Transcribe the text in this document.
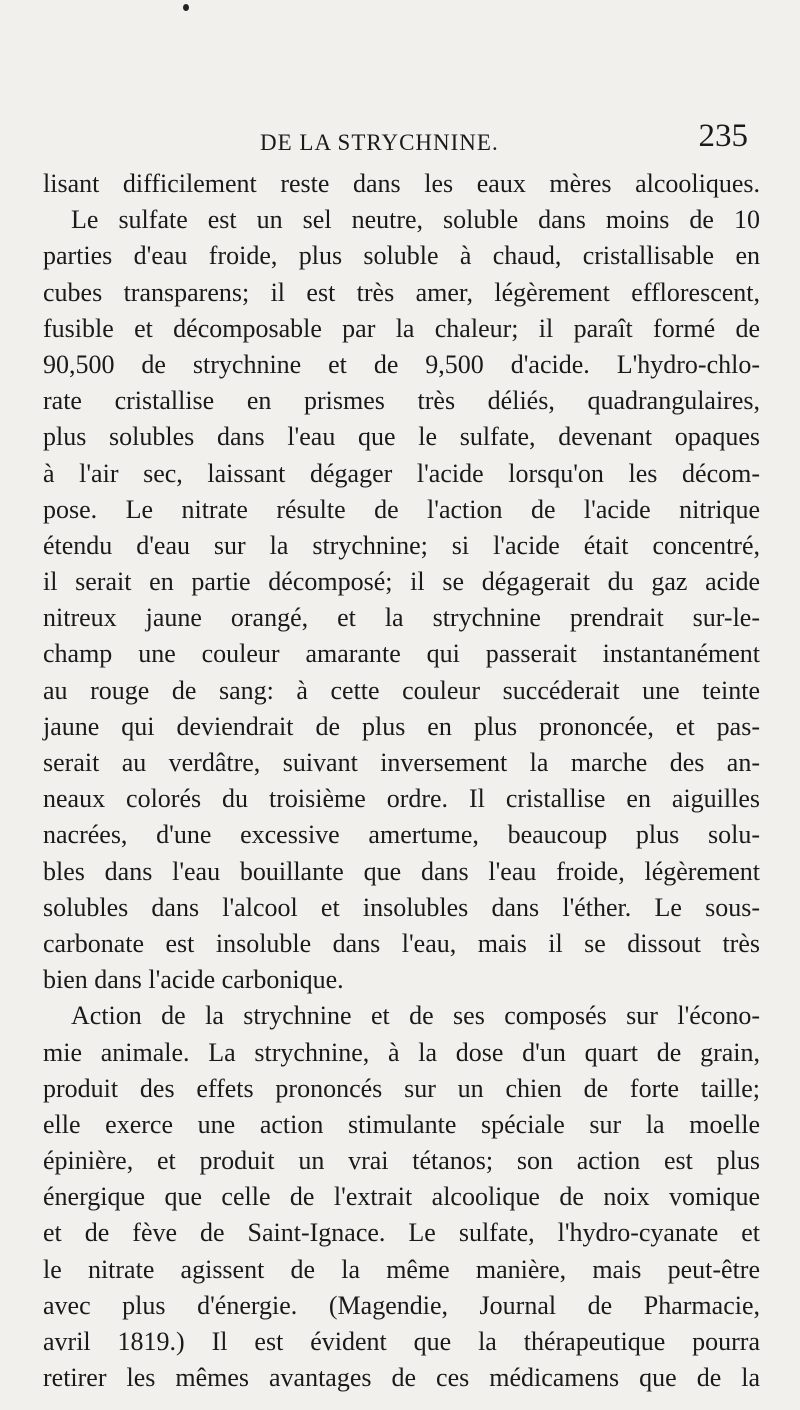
DE LA STRYCHNINE.	235
lisant difficilement reste dans les eaux mères alcooliques.
Le sulfate est un sel neutre, soluble dans moins de 10
parties d'eau froide, plus soluble à chaud, cristallisable en
cubes transparens; il est très amer, légèrement efflorescent,
fusible et décomposable par la chaleur; il paraît formé de
90,500 de strychnine et de 9,500 d'acide. L'hydro-chlo-
rate cristallise en prismes très déliés, quadrangulaires,
plus solubles dans l'eau que le sulfate, devenant opaques
à l'air sec, laissant dégager l'acide lorsqu'on les décom-
pose. Le nitrate résulte de l'action de l'acide nitrique
étendu d'eau sur la strychnine; si l'acide était concentré,
il serait en partie décomposé; il se dégagerait du gaz acide
nitreux jaune orangé, et la strychnine prendrait sur-le-
champ une couleur amarante qui passerait instantanément
au rouge de sang: à cette couleur succéderait une teinte
jaune qui deviendrait de plus en plus prononcée, et pas-
serait au verdâtre, suivant inversement la marche des an-
neaux colorés du troisième ordre. Il cristallise en aiguilles
nacrées, d'une excessive amertume, beaucoup plus solu-
bles dans l'eau bouillante que dans l'eau froide, légèrement
solubles dans l'alcool et insolubles dans l'éther. Le sous-
carbonate est insoluble dans l'eau, mais il se dissout très
bien dans l'acide carbonique.
Action de la strychnine et de ses composés sur l'écono-
mie animale. La strychnine, à la dose d'un quart de grain,
produit des effets prononcés sur un chien de forte taille;
elle exerce une action stimulante spéciale sur la moelle
épinière, et produit un vrai tétanos; son action est plus
énergique que celle de l'extrait alcoolique de noix vomique
et de fève de Saint-Ignace. Le sulfate, l'hydro-cyanate et
le nitrate agissent de la même manière, mais peut-être
avec plus d'énergie. (Magendie, Journal de Pharmacie,
avril 1819.) Il est évident que la thérapeutique pourra
retirer les mêmes avantages de ces médicamens que de la
